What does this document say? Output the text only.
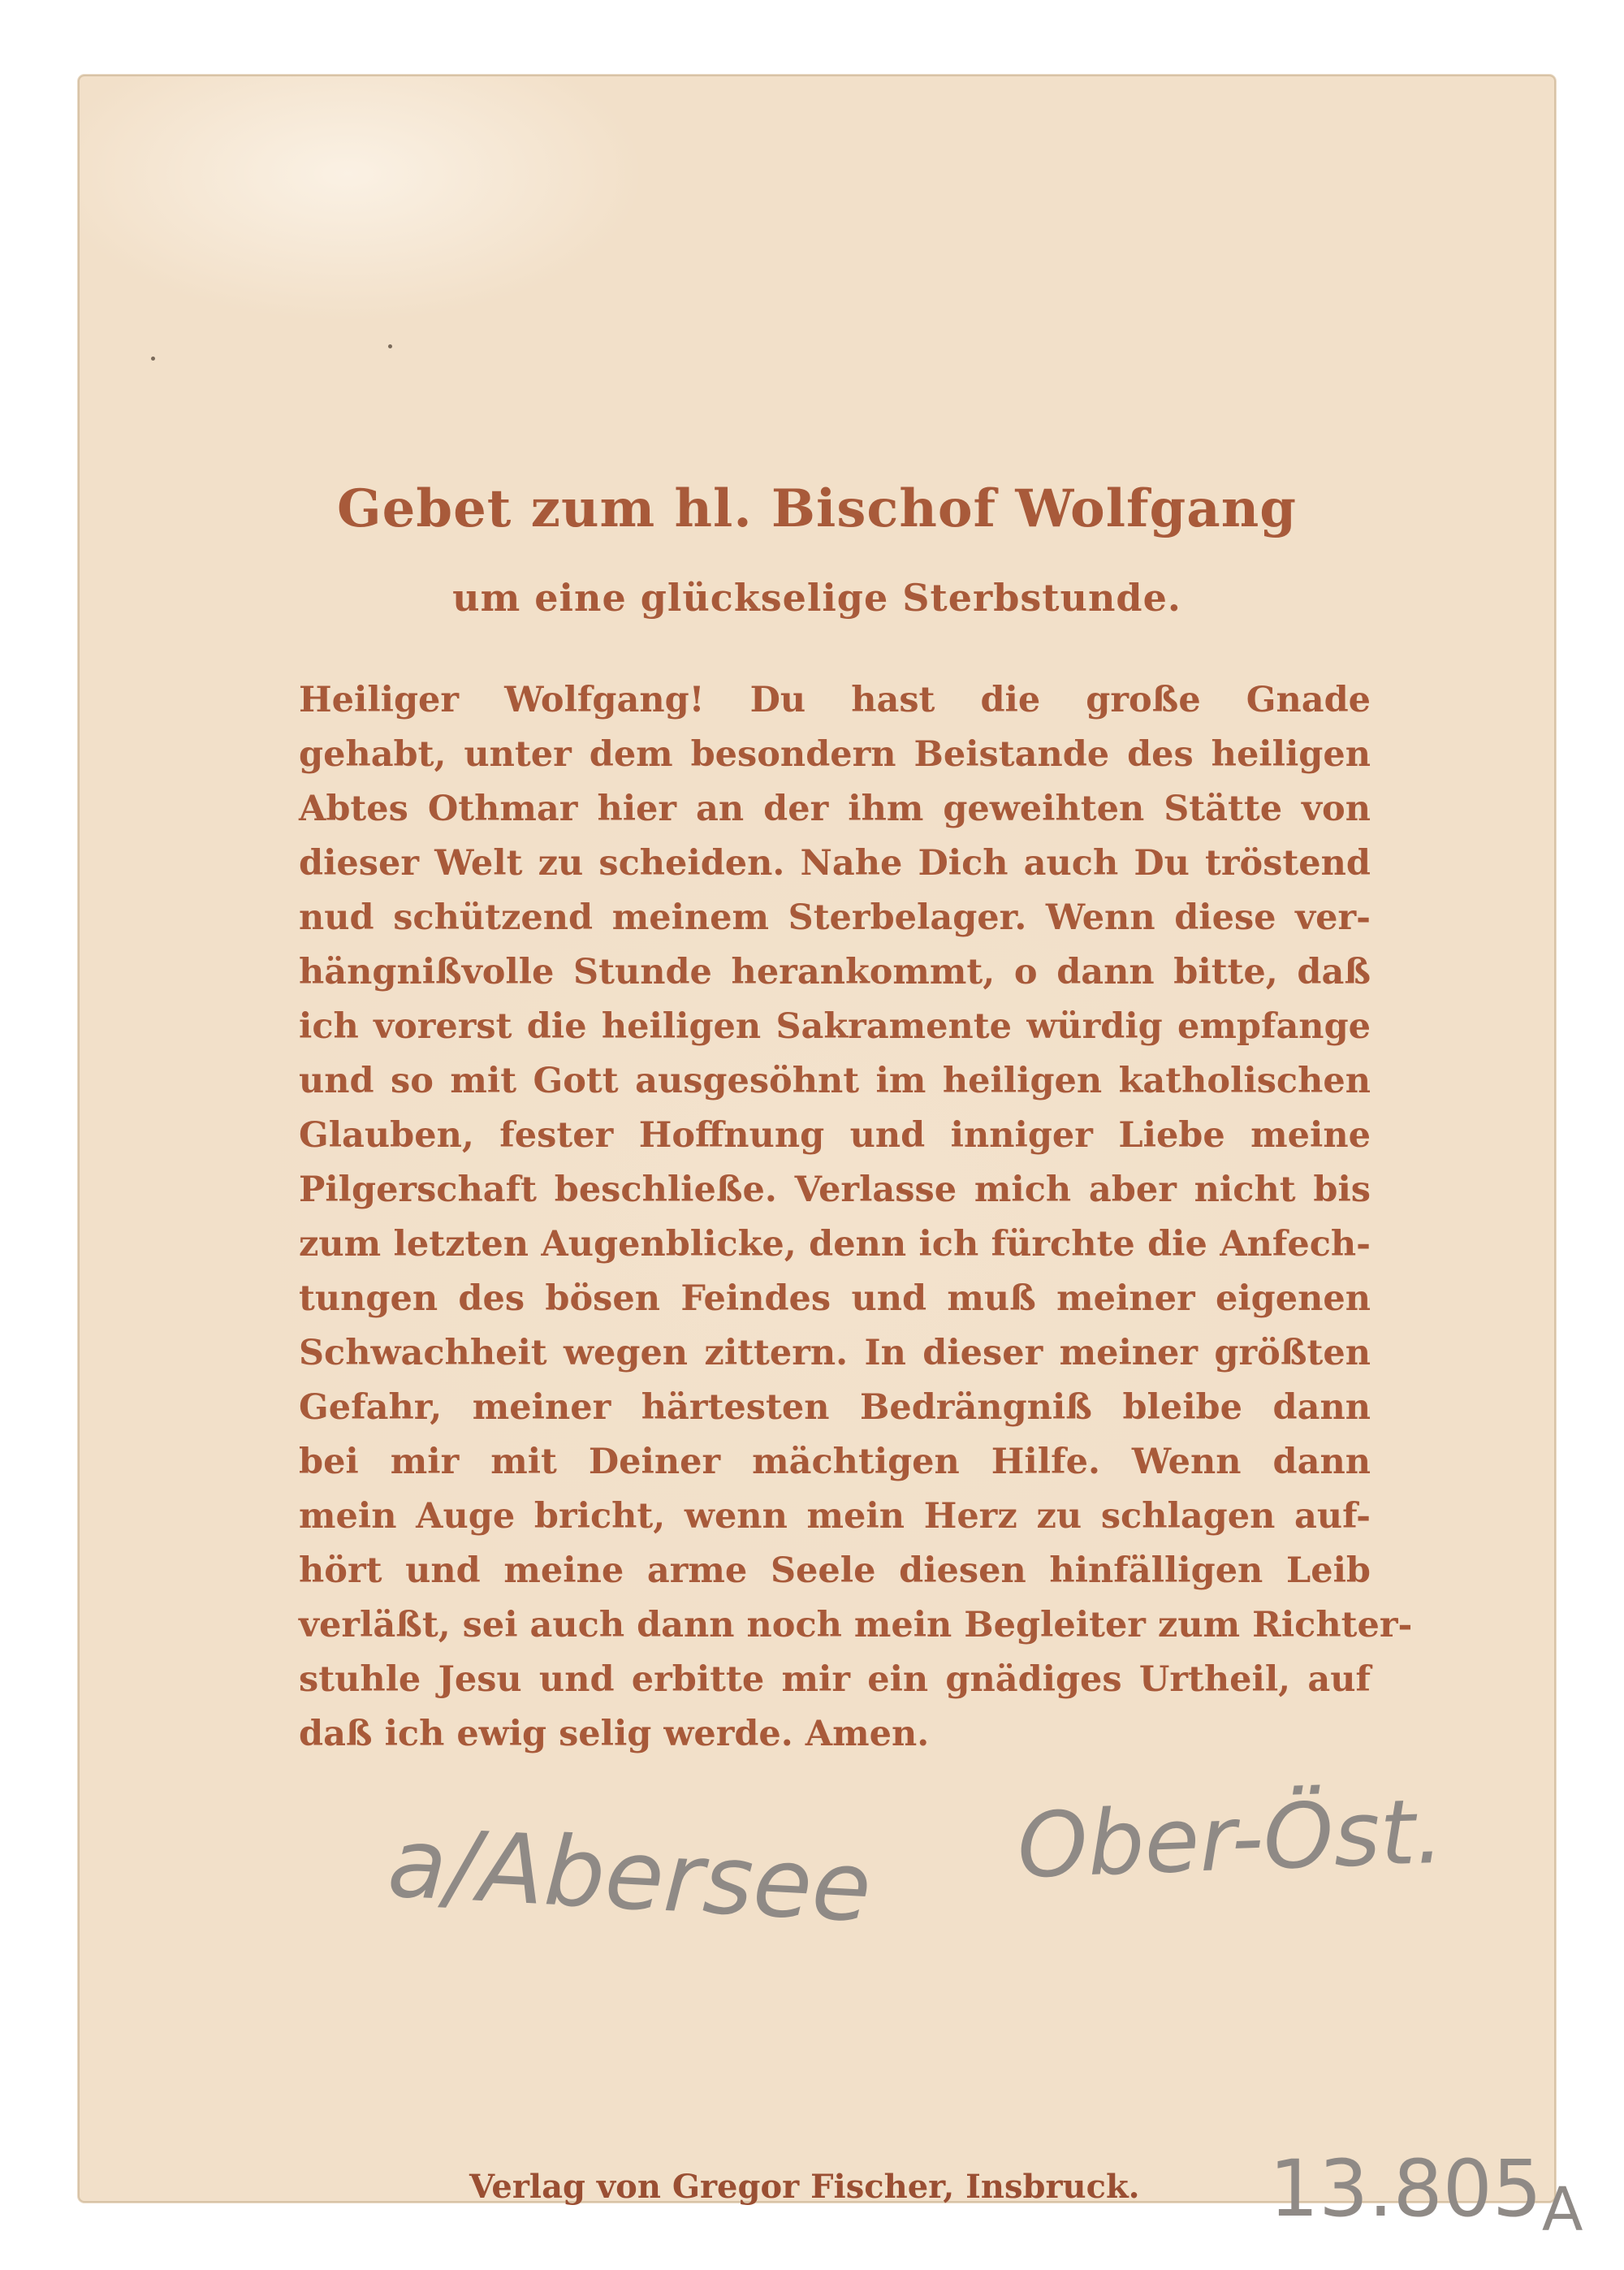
Gebet zum hl. Bischof Wolfgang
um eine glückselige Sterbstunde.
Heiliger Wolfgang! Du hast die große Gnade
gehabt, unter dem besondern Beistande des heiligen
Abtes Othmar hier an der ihm geweihten Stätte von
dieser Welt zu scheiden. Nahe Dich auch Du tröstend
nud schützend meinem Sterbelager. Wenn diese ver-
hängnißvolle Stunde herankommt, o dann bitte, daß
ich vorerst die heiligen Sakramente würdig empfange
und so mit Gott ausgesöhnt im heiligen katholischen
Glauben, fester Hoffnung und inniger Liebe meine
Pilgerschaft beschließe. Verlasse mich aber nicht bis
zum letzten Augenblicke, denn ich fürchte die Anfech-
tungen des bösen Feindes und muß meiner eigenen
Schwachheit wegen zittern. In dieser meiner größten
Gefahr, meiner härtesten Bedrängniß bleibe dann
bei mir mit Deiner mächtigen Hilfe. Wenn dann
mein Auge bricht, wenn mein Herz zu schlagen auf-
hört und meine arme Seele diesen hinfälligen Leib
verläßt, sei auch dann noch mein Begleiter zum Richter-
stuhle Jesu und erbitte mir ein gnädiges Urtheil, auf
daß ich ewig selig werde. Amen.
a/Abersee Ober-Öst.
Verlag von Gregor Fischer, Insbruck. 13.805A
